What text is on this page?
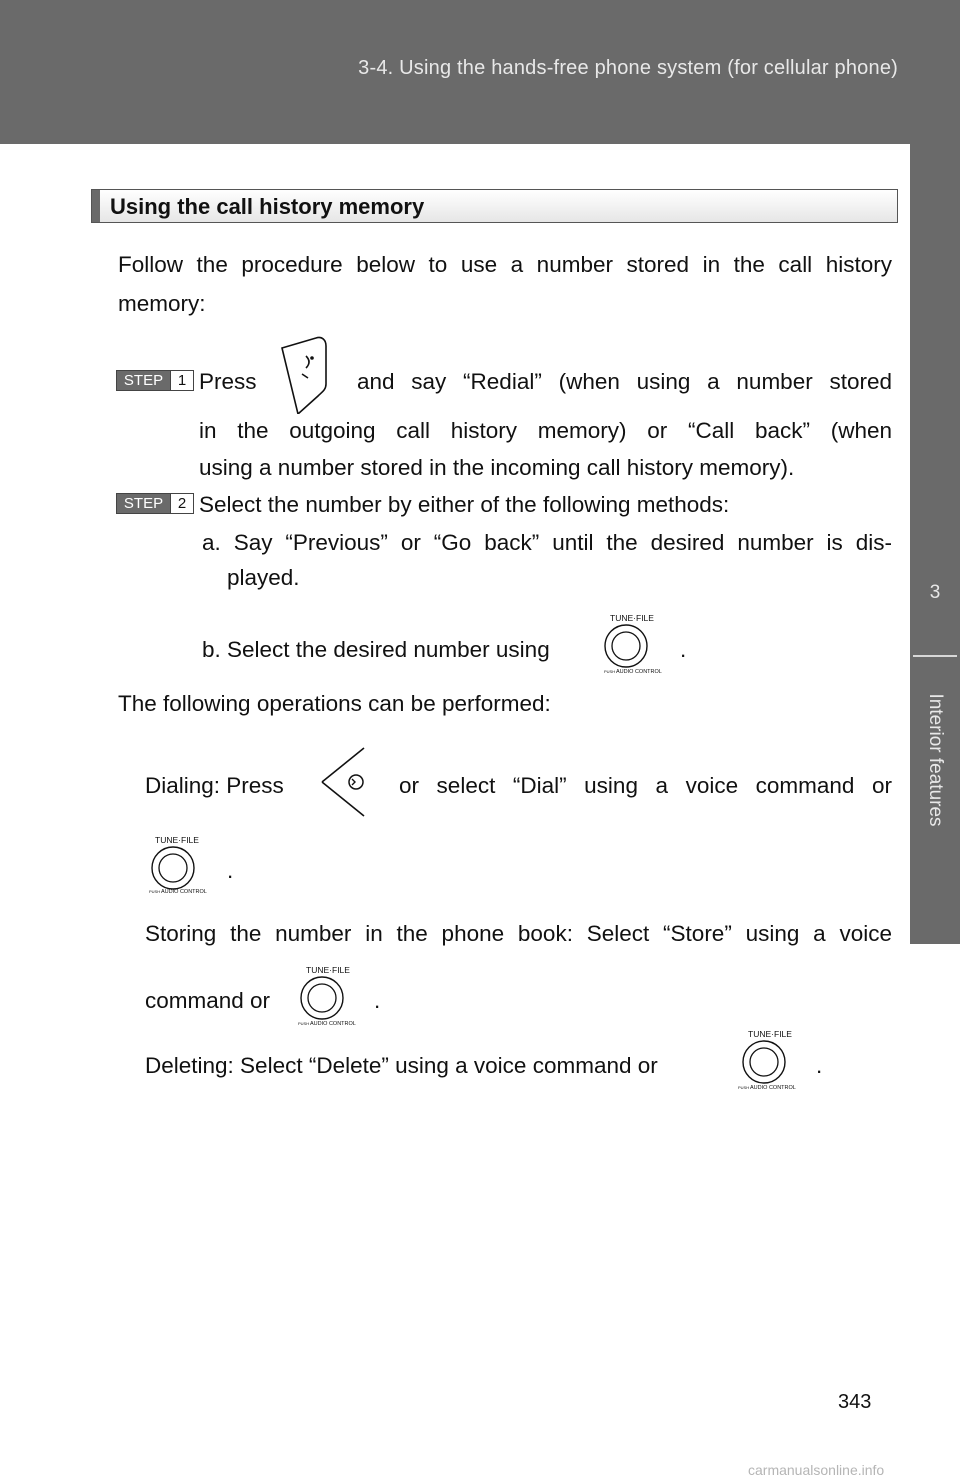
3-4. Using the hands-free phone system (for cellular phone)
3
Interior features
Using the call history memory
Follow the procedure below to use a number stored in the call history
memory:
STEP 1 Press	and say “Redial” (when using a number stored
in the outgoing call history memory) or “Call back” (when
using a number stored in the incoming call history memory).
STEP 2 Select the number by either of the following methods:
a. Say “Previous” or “Go back” until the desired number is dis-
played.
b. Select the desired number using
TUNE·FILE
PUSH AUDIO CONTROL
.
The following operations can be performed:
Dialing: Press	or select “Dial” using a voice command or
TUNE·FILE
PUSH AUDIO CONTROL
.
Storing the number in the phone book: Select “Store” using a voice
command or
TUNE·FILE
PUSH AUDIO CONTROL
.
Deleting: Select “Delete” using a voice command or
TUNE·FILE
PUSH AUDIO CONTROL
.
343
carmanualsonline.info
